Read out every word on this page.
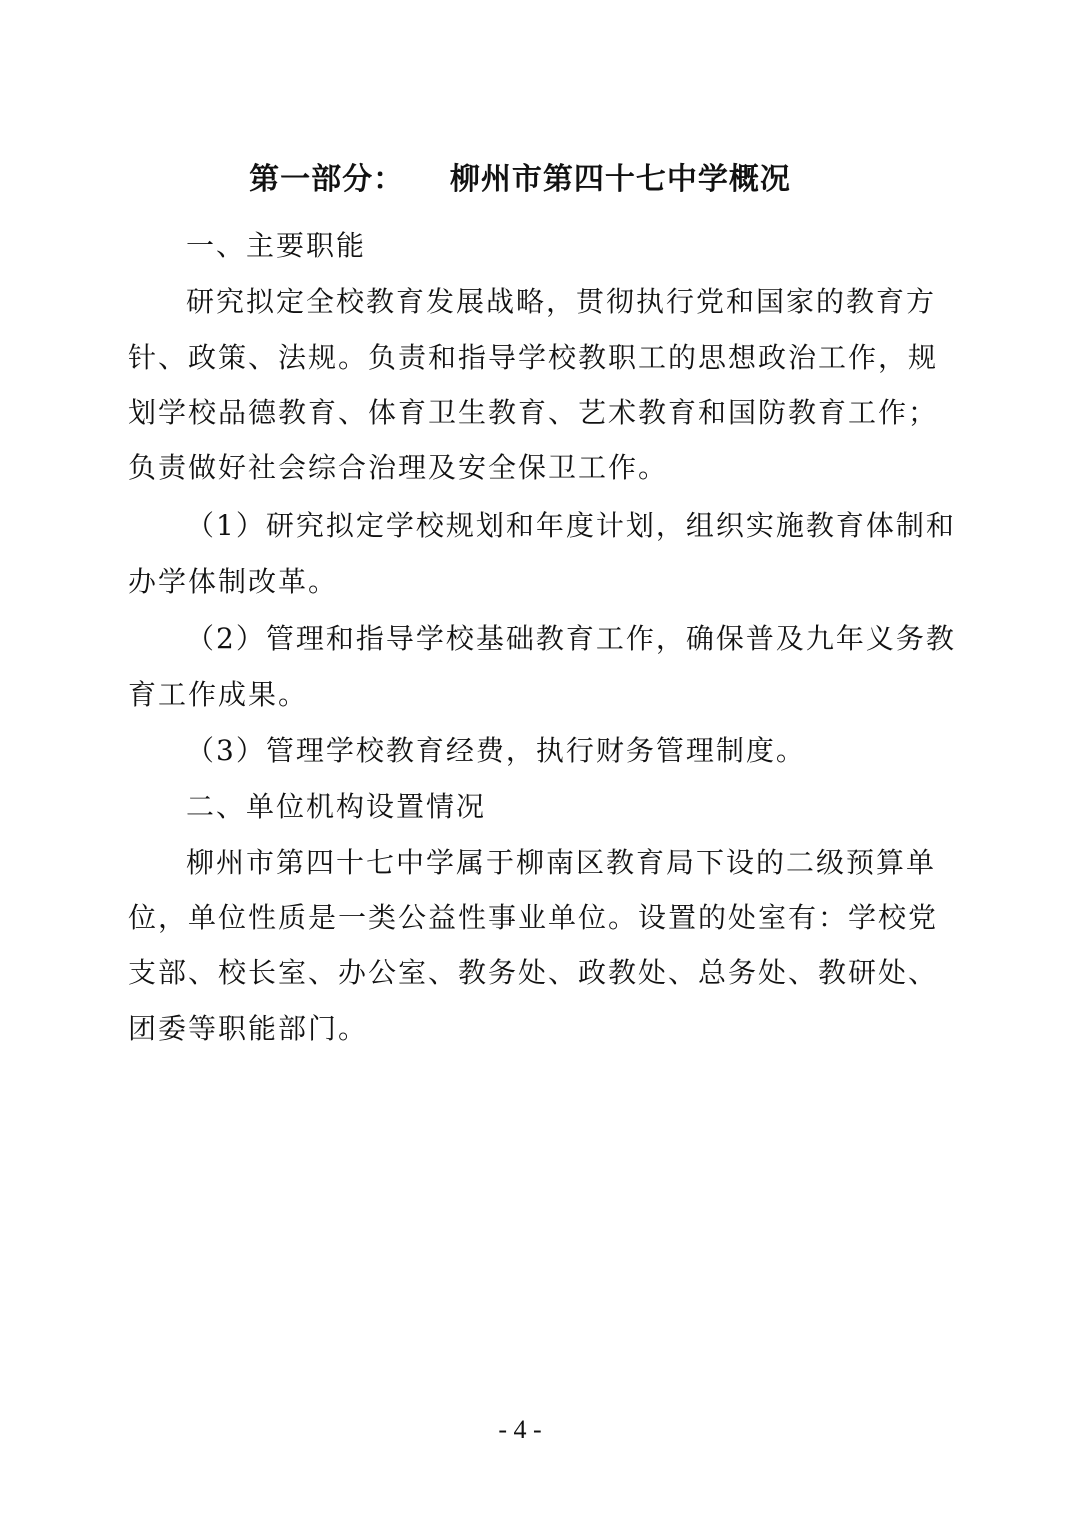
第一部分：    柳州市第四十七中学概况
一、主要职能
研究拟定全校教育发展战略，贯彻执行党和国家的教育方
针、政策、法规。负责和指导学校教职工的思想政治工作，规
划学校品德教育、体育卫生教育、艺术教育和国防教育工作；
负责做好社会综合治理及安全保卫工作。
（1）研究拟定学校规划和年度计划，组织实施教育体制和
办学体制改革。
（2）管理和指导学校基础教育工作，确保普及九年义务教
育工作成果。
（3）管理学校教育经费，执行财务管理制度。
二、单位机构设置情况
柳州市第四十七中学属于柳南区教育局下设的二级预算单
位，单位性质是一类公益性事业单位。设置的处室有：学校党
支部、校长室、办公室、教务处、政教处、总务处、教研处、
团委等职能部门。
- 4 -
